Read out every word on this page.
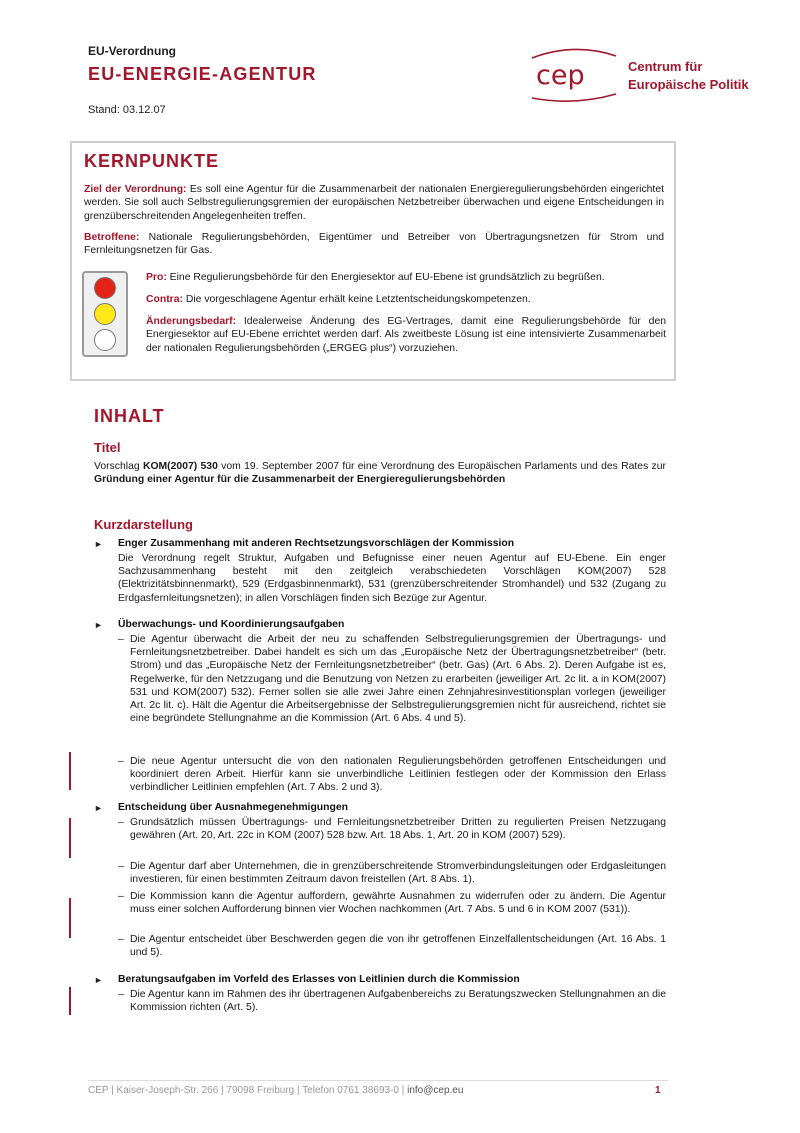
EU-Verordnung
EU-ENERGIE-AGENTUR
Stand: 03.12.07
cep	Centrum für
Europäische Politik
KERNPUNKTE
Ziel der Verordnung: Es soll eine Agentur für die Zusammenarbeit der nationalen Energieregulierungsbehörden eingerichtet werden. Sie soll auch Selbstregulierungsgremien der europäischen Netzbetreiber überwachen und eigene Entscheidungen in grenzüberschreitenden Angelegenheiten treffen.
Betroffene: Nationale Regulierungsbehörden, Eigentümer und Betreiber von Übertragungsnetzen für Strom und Fernleitungsnetzen für Gas.
Pro: Eine Regulierungsbehörde für den Energiesektor auf EU-Ebene ist grundsätzlich zu begrüßen.
Contra: Die vorgeschlagene Agentur erhält keine Letztentscheidungskompetenzen.
Änderungsbedarf: Idealerweise Änderung des EG-Vertrages, damit eine Regulierungsbehörde für den Energiesektor auf EU-Ebene errichtet werden darf. Als zweitbeste Lösung ist eine intensivierte Zusammenarbeit der nationalen Regulierungsbehörden („ERGEG plus“) vorzuziehen.
INHALT
Titel
Vorschlag KOM(2007) 530 vom 19. September 2007 für eine Verordnung des Europäischen Parlaments und des Rates zur Gründung einer Agentur für die Zusammenarbeit der Energieregulierungsbehörden
Kurzdarstellung
► Enger Zusammenhang mit anderen Rechtsetzungsvorschlägen der Kommission
Die Verordnung regelt Struktur, Aufgaben und Befugnisse einer neuen Agentur auf EU-Ebene. Ein enger Sachzusammenhang besteht mit den zeitgleich verabschiedeten Vorschlägen KOM(2007) 528 (Elektrizitätsbinnenmarkt), 529 (Erdgasbinnenmarkt), 531 (grenzüberschreitender Stromhandel) und 532 (Zugang zu Erdgasfernleitungsnetzen); in allen Vorschlägen finden sich Bezüge zur Agentur.
► Überwachungs- und Koordinierungsaufgaben
– Die Agentur überwacht die Arbeit der neu zu schaffenden Selbstregulierungsgremien der Übertragungs- und Fernleitungsnetzbetreiber. Dabei handelt es sich um das „Europäische Netz der Übertragungsnetzbetreiber“ (betr. Strom) und das „Europäische Netz der Fernleitungsnetzbetreiber“ (betr. Gas) (Art. 6 Abs. 2). Deren Aufgabe ist es, Regelwerke, für den Netzzugang und die Benutzung von Netzen zu erarbeiten (jeweiliger Art. 2c lit. a in KOM(2007) 531 und KOM(2007) 532). Ferner sollen sie alle zwei Jahre einen Zehnjahresinvestitionsplan vorlegen (jeweiliger Art. 2c lit. c). Hält die Agentur die Arbeitsergebnisse der Selbstregulierungsgremien nicht für ausreichend, richtet sie eine begründete Stellungnahme an die Kommission (Art. 6 Abs. 4 und 5).
– Die neue Agentur untersucht die von den nationalen Regulierungsbehörden getroffenen Entscheidungen und koordiniert deren Arbeit. Hierfür kann sie unverbindliche Leitlinien festlegen oder der Kommission den Erlass verbindlicher Leitlinien empfehlen (Art. 7 Abs. 2 und 3).
► Entscheidung über Ausnahmegenehmigungen
– Grundsätzlich müssen Übertragungs- und Fernleitungsnetzbetreiber Dritten zu regulierten Preisen Netzzugang gewähren (Art. 20, Art. 22c in KOM (2007) 528 bzw. Art. 18 Abs. 1, Art. 20 in KOM (2007) 529).
– Die Agentur darf aber Unternehmen, die in grenzüberschreitende Stromverbindungsleitungen oder Erdgasleitungen investieren, für einen bestimmten Zeitraum davon freistellen (Art. 8 Abs. 1).
– Die Kommission kann die Agentur auffordern, gewährte Ausnahmen zu widerrufen oder zu ändern. Die Agentur muss einer solchen Aufforderung binnen vier Wochen nachkommen (Art. 7 Abs. 5 und 6 in KOM 2007 (531)).
– Die Agentur entscheidet über Beschwerden gegen die von ihr getroffenen Einzelfallentscheidungen (Art. 16 Abs. 1 und 5).
► Beratungsaufgaben im Vorfeld des Erlasses von Leitlinien durch die Kommission
– Die Agentur kann im Rahmen des ihr übertragenen Aufgabenbereichs zu Beratungszwecken Stellungnahmen an die Kommission richten (Art. 5).
CEP | Kaiser-Joseph-Str. 266 | 79098 Freiburg | Telefon 0761 38693-0 | info@cep.eu	1
